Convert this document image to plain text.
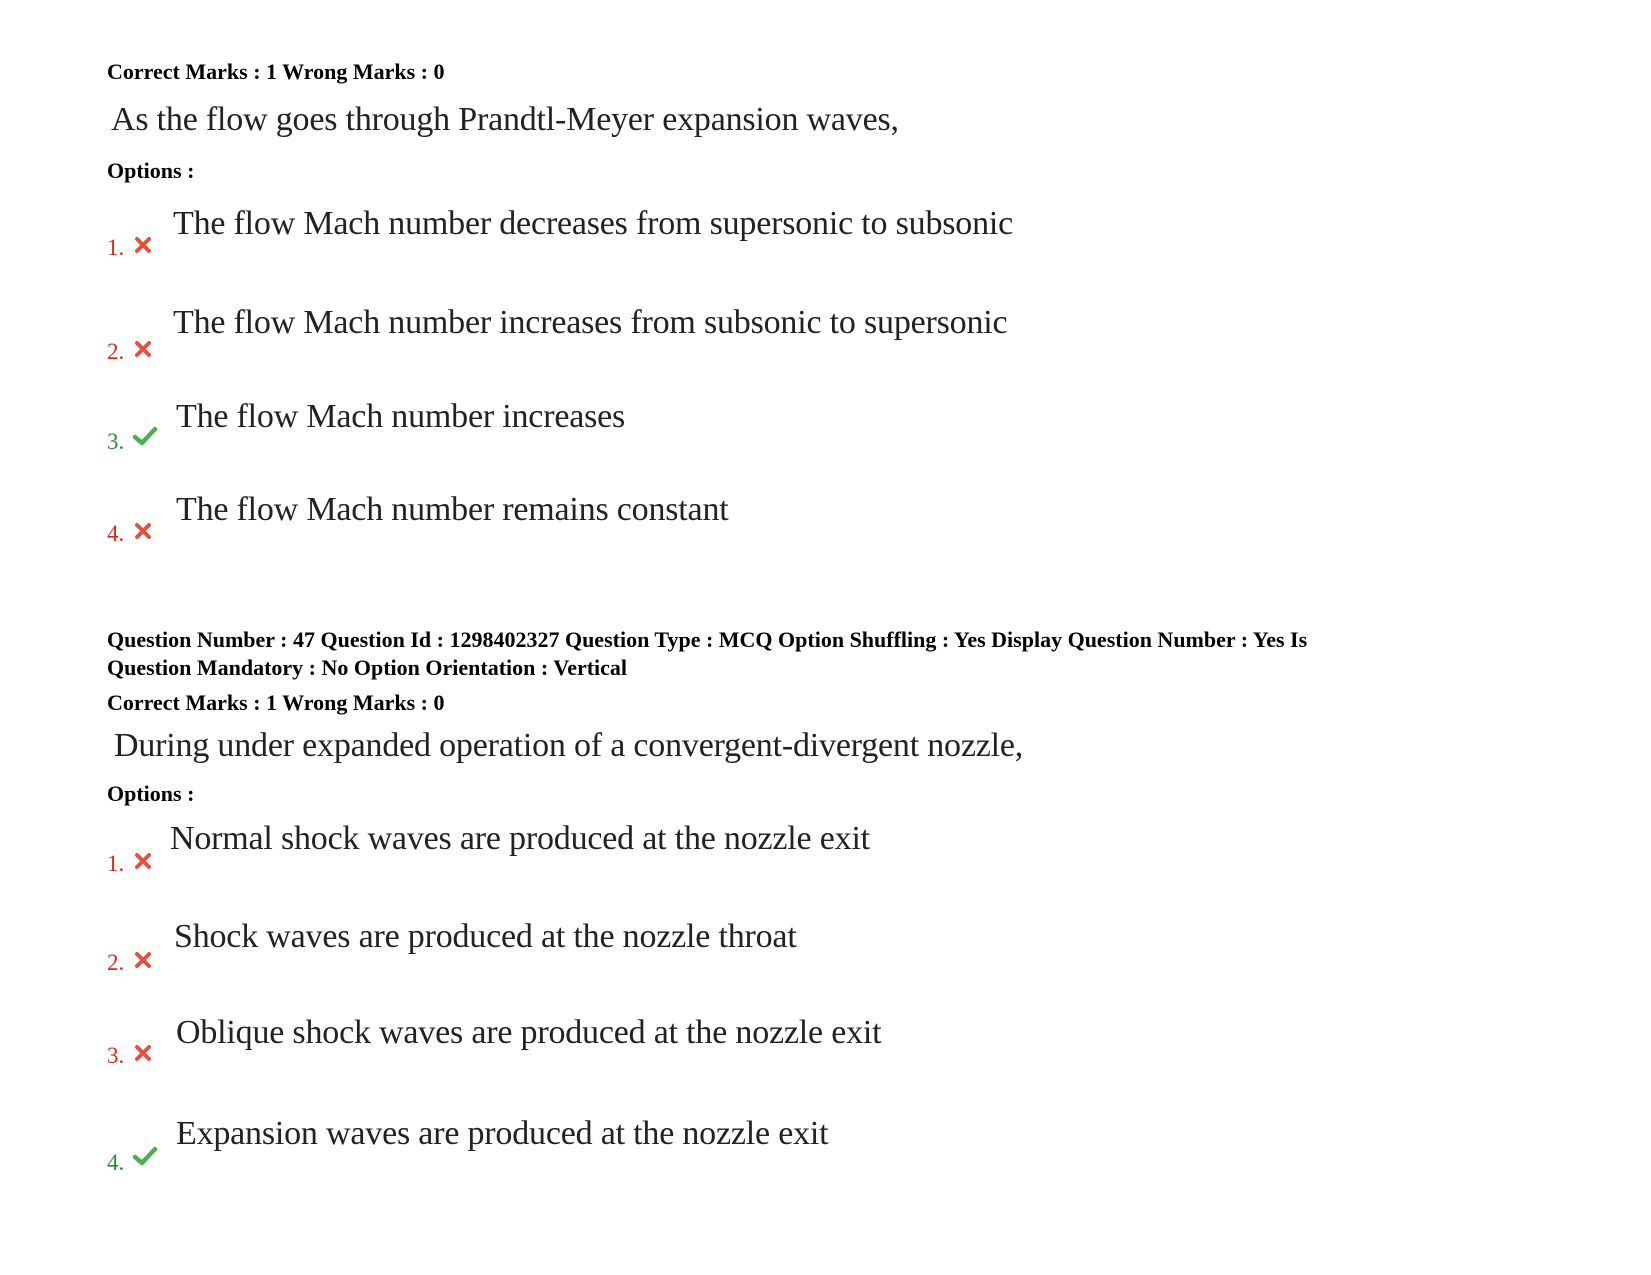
Correct Marks : 1 Wrong Marks : 0
As the flow goes through Prandtl-Meyer expansion waves,
Options :
1.
The flow Mach number decreases from supersonic to subsonic
2.
The flow Mach number increases from subsonic to supersonic
3.
The flow Mach number increases
4.
The flow Mach number remains constant
Question Number : 47 Question Id : 1298402327 Question Type : MCQ Option Shuffling : Yes Display Question Number : Yes Is
Question Mandatory : No Option Orientation : Vertical
Correct Marks : 1 Wrong Marks : 0
During under expanded operation of a convergent-divergent nozzle,
Options :
1.
Normal shock waves are produced at the nozzle exit
2.
Shock waves are produced at the nozzle throat
3.
Oblique shock waves are produced at the nozzle exit
4.
Expansion waves are produced at the nozzle exit
